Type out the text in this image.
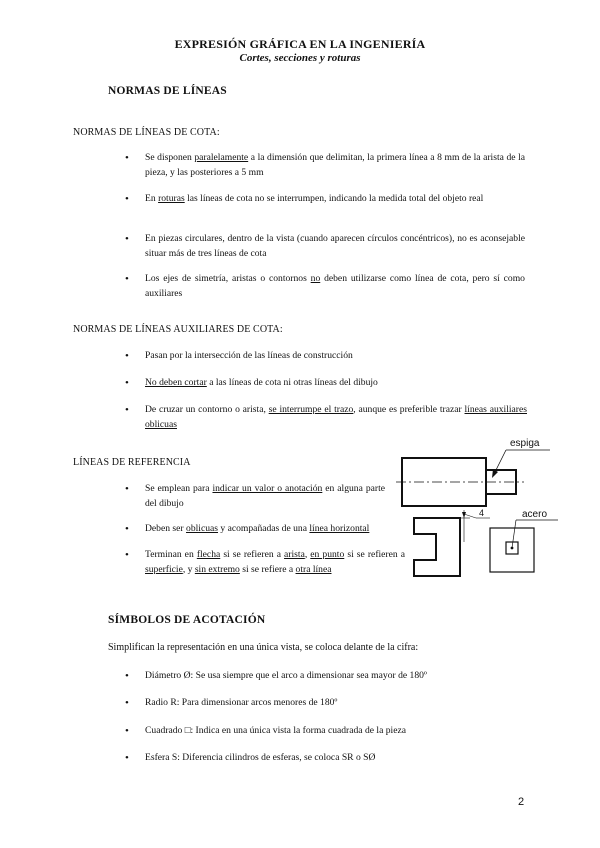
EXPRESIÓN GRÁFICA EN LA INGENIERÍA
Cortes, secciones y roturas
NORMAS DE LÍNEAS
NORMAS DE LÍNEAS DE COTA:
• Se disponen paralelamente a la dimensión que delimitan, la primera línea a 8 mm de la arista de la pieza, y las posteriores a 5 mm
• En roturas las líneas de cota no se interrumpen, indicando la medida total del objeto real
• En piezas circulares, dentro de la vista (cuando aparecen círculos concéntricos), no es aconsejable situar más de tres líneas de cota
• Los ejes de simetría, aristas o contornos no deben utilizarse como línea de cota, pero sí como auxiliares
NORMAS DE LÍNEAS AUXILIARES DE COTA:
• Pasan por la intersección de las líneas de construcción
• No deben cortar a las líneas de cota ni otras líneas del dibujo
• De cruzar un contorno o arista, se interrumpe el trazo, aunque es preferible trazar líneas auxiliares oblicuas
LÍNEAS DE REFERENCIA
• Se emplean para indicar un valor o anotación en alguna parte del dibujo
• Deben ser oblicuas y acompañadas de una línea horizontal
• Terminan en flecha si se refieren a arista, en punto si se refieren a superficie, y sin extremo si se refiere a otra línea
espiga
4	acero
SÍMBOLOS DE ACOTACIÓN
Simplifican la representación en una única vista, se coloca delante de la cifra:
• Diámetro Ø: Se usa siempre que el arco a dimensionar sea mayor de 180º
• Radio R: Para dimensionar arcos menores de 180º
• Cuadrado □: Indica en una única vista la forma cuadrada de la pieza
• Esfera S: Diferencia cilindros de esferas, se coloca SR o SØ
2
